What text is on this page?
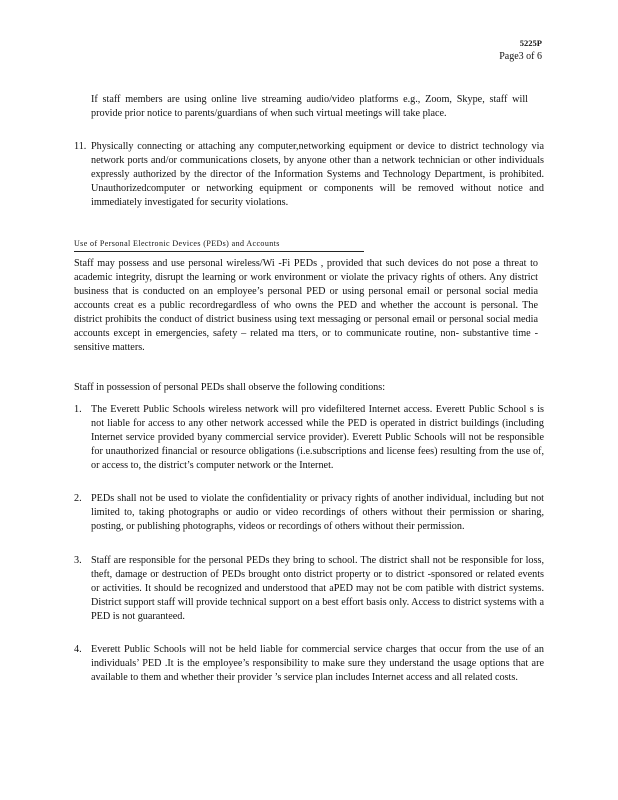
5225P
Page3 of 6
If staff members are using online live streaming audio/video platforms e.g., Zoom, Skype, staff will provide prior notice to parents/guardians of when such virtual meetings will take place.
11. Physically connecting or attaching any computer,networking equipment or device to district technology via network ports and/or communications closets, by anyone other than a network technician or other individuals expressly authorized by the director of the Information Systems and Technology Department, is prohibited. Unauthorizedcomputer or networking equipment or components will be removed without notice and immediately investigated for security violations.
Use of Personal Electronic Devices (PEDs) and Accounts
Staff may possess and use personal wireless/Wi -Fi PEDs , provided that such devices do not pose a threat to academic integrity, disrupt the learning or work environment or violate the privacy rights of others. Any district business that is conducted on an employee’s personal PED or using personal email or personal social media accounts creat es a public recordregardless of who owns the PED and whether the account is personal. The district prohibits the conduct of district business using text messaging or personal email or personal social media accounts except in emergencies, safety – related ma tters, or to communicate routine, non- substantive time -sensitive matters.
Staff in possession of personal PEDs shall observe the following conditions:
1. The Everett Public Schools wireless network will pro videfiltered Internet access. Everett Public School s is not liable for access to any other network accessed while the PED is operated in district buildings (including Internet service provided byany commercial service provider). Everett Public Schools will not be responsible for unauthorized financial or resource obligations (i.e.subscriptions and license fees) resulting from the use of, or access to, the district’s computer network or the Internet.
2. PEDs shall not be used to violate the confidentiality or privacy rights of another individual, including but not limited to, taking photographs or audio or video recordings of others without their permission or sharing, posting, or publishing photographs, videos or recordings of others without their permission.
3. Staff are responsible for the personal PEDs they bring to school. The district shall not be responsible for loss, theft, damage or destruction of PEDs brought onto district property or to district -sponsored or related events or activities. It should be recognized and understood that aPED may not be com patible with district systems. District support staff will provide technical support on a best effort basis only. Access to district systems with a PED is not guaranteed.
4. Everett Public Schools will not be held liable for commercial service charges that occur from the use of an individuals’ PED .It is the employee’s responsibility to make sure they understand the usage options that are available to them and whether their provider ’s service plan includes Internet access and all related costs.
